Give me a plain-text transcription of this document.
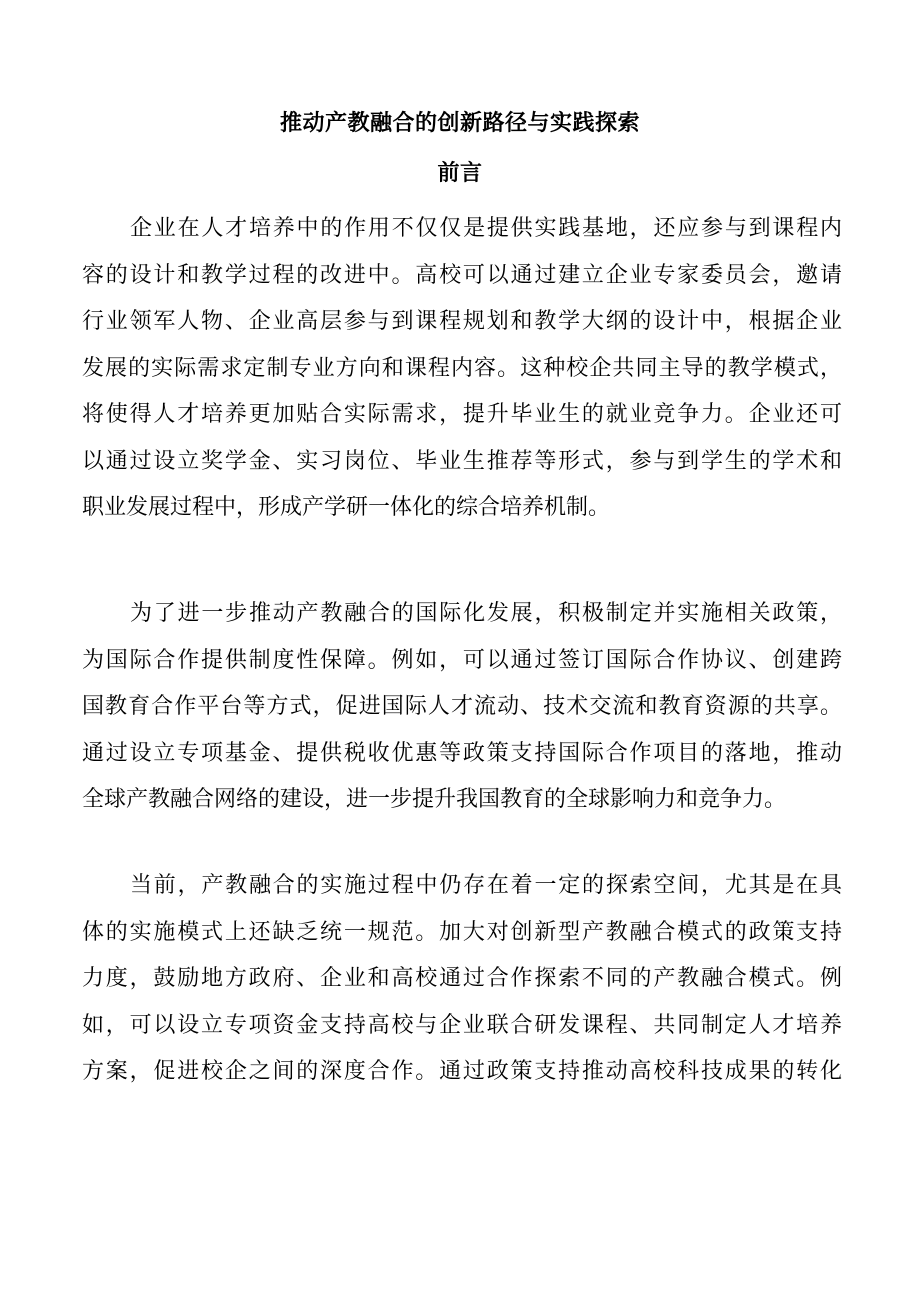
推动产教融合的创新路径与实践探索
前言
企业在人才培养中的作用不仅仅是提供实践基地，还应参与到课程内
容的设计和教学过程的改进中。高校可以通过建立企业专家委员会，邀请
行业领军人物、企业高层参与到课程规划和教学大纲的设计中，根据企业
发展的实际需求定制专业方向和课程内容。这种校企共同主导的教学模式，
将使得人才培养更加贴合实际需求，提升毕业生的就业竞争力。企业还可
以通过设立奖学金、实习岗位、毕业生推荐等形式，参与到学生的学术和
职业发展过程中，形成产学研一体化的综合培养机制。
为了进一步推动产教融合的国际化发展，积极制定并实施相关政策，
为国际合作提供制度性保障。例如，可以通过签订国际合作协议、创建跨
国教育合作平台等方式，促进国际人才流动、技术交流和教育资源的共享。
通过设立专项基金、提供税收优惠等政策支持国际合作项目的落地，推动
全球产教融合网络的建设，进一步提升我国教育的全球影响力和竞争力。
当前，产教融合的实施过程中仍存在着一定的探索空间，尤其是在具
体的实施模式上还缺乏统一规范。加大对创新型产教融合模式的政策支持
力度，鼓励地方政府、企业和高校通过合作探索不同的产教融合模式。例
如，可以设立专项资金支持高校与企业联合研发课程、共同制定人才培养
方案，促进校企之间的深度合作。通过政策支持推动高校科技成果的转化
